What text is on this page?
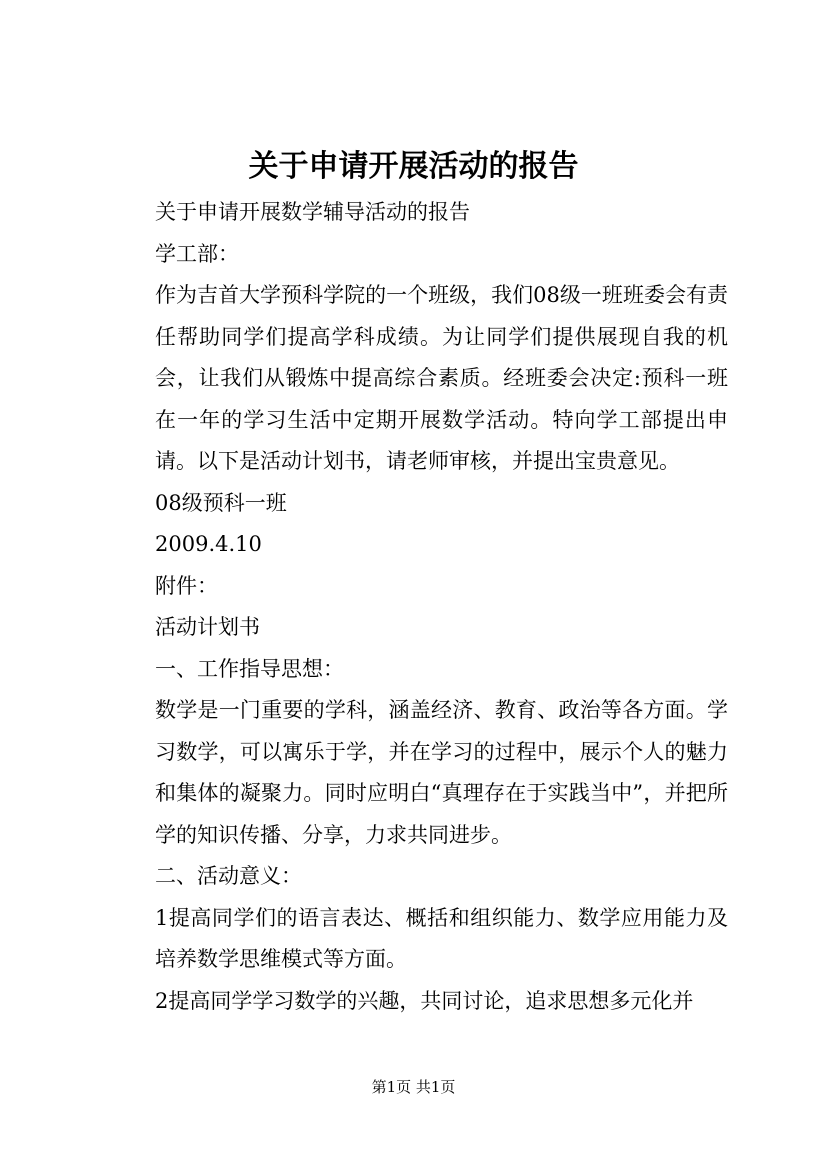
关于申请开展活动的报告

关于申请开展数学辅导活动的报告

学工部：

作为吉首大学预科学院的一个班级，我们08级一班班委会有责任帮助同学们提高学科成绩。为让同学们提供展现自我的机会，让我们从锻炼中提高综合素质。经班委会决定:预科一班在一年的学习生活中定期开展数学活动。特向学工部提出申请。以下是活动计划书，请老师审核，并提出宝贵意见。

08级预科一班

2009.4.10

附件：

活动计划书

一、工作指导思想：

数学是一门重要的学科，涵盖经济、教育、政治等各方面。学习数学，可以寓乐于学，并在学习的过程中，展示个人的魅力和集体的凝聚力。同时应明白“真理存在于实践当中”，并把所学的知识传播、分享，力求共同进步。

二、活动意义：

1提高同学们的语言表达、概括和组织能力、数学应用能力及培养数学思维模式等方面。

2提高同学学习数学的兴趣，共同讨论，追求思想多元化并

第1页 共1页
